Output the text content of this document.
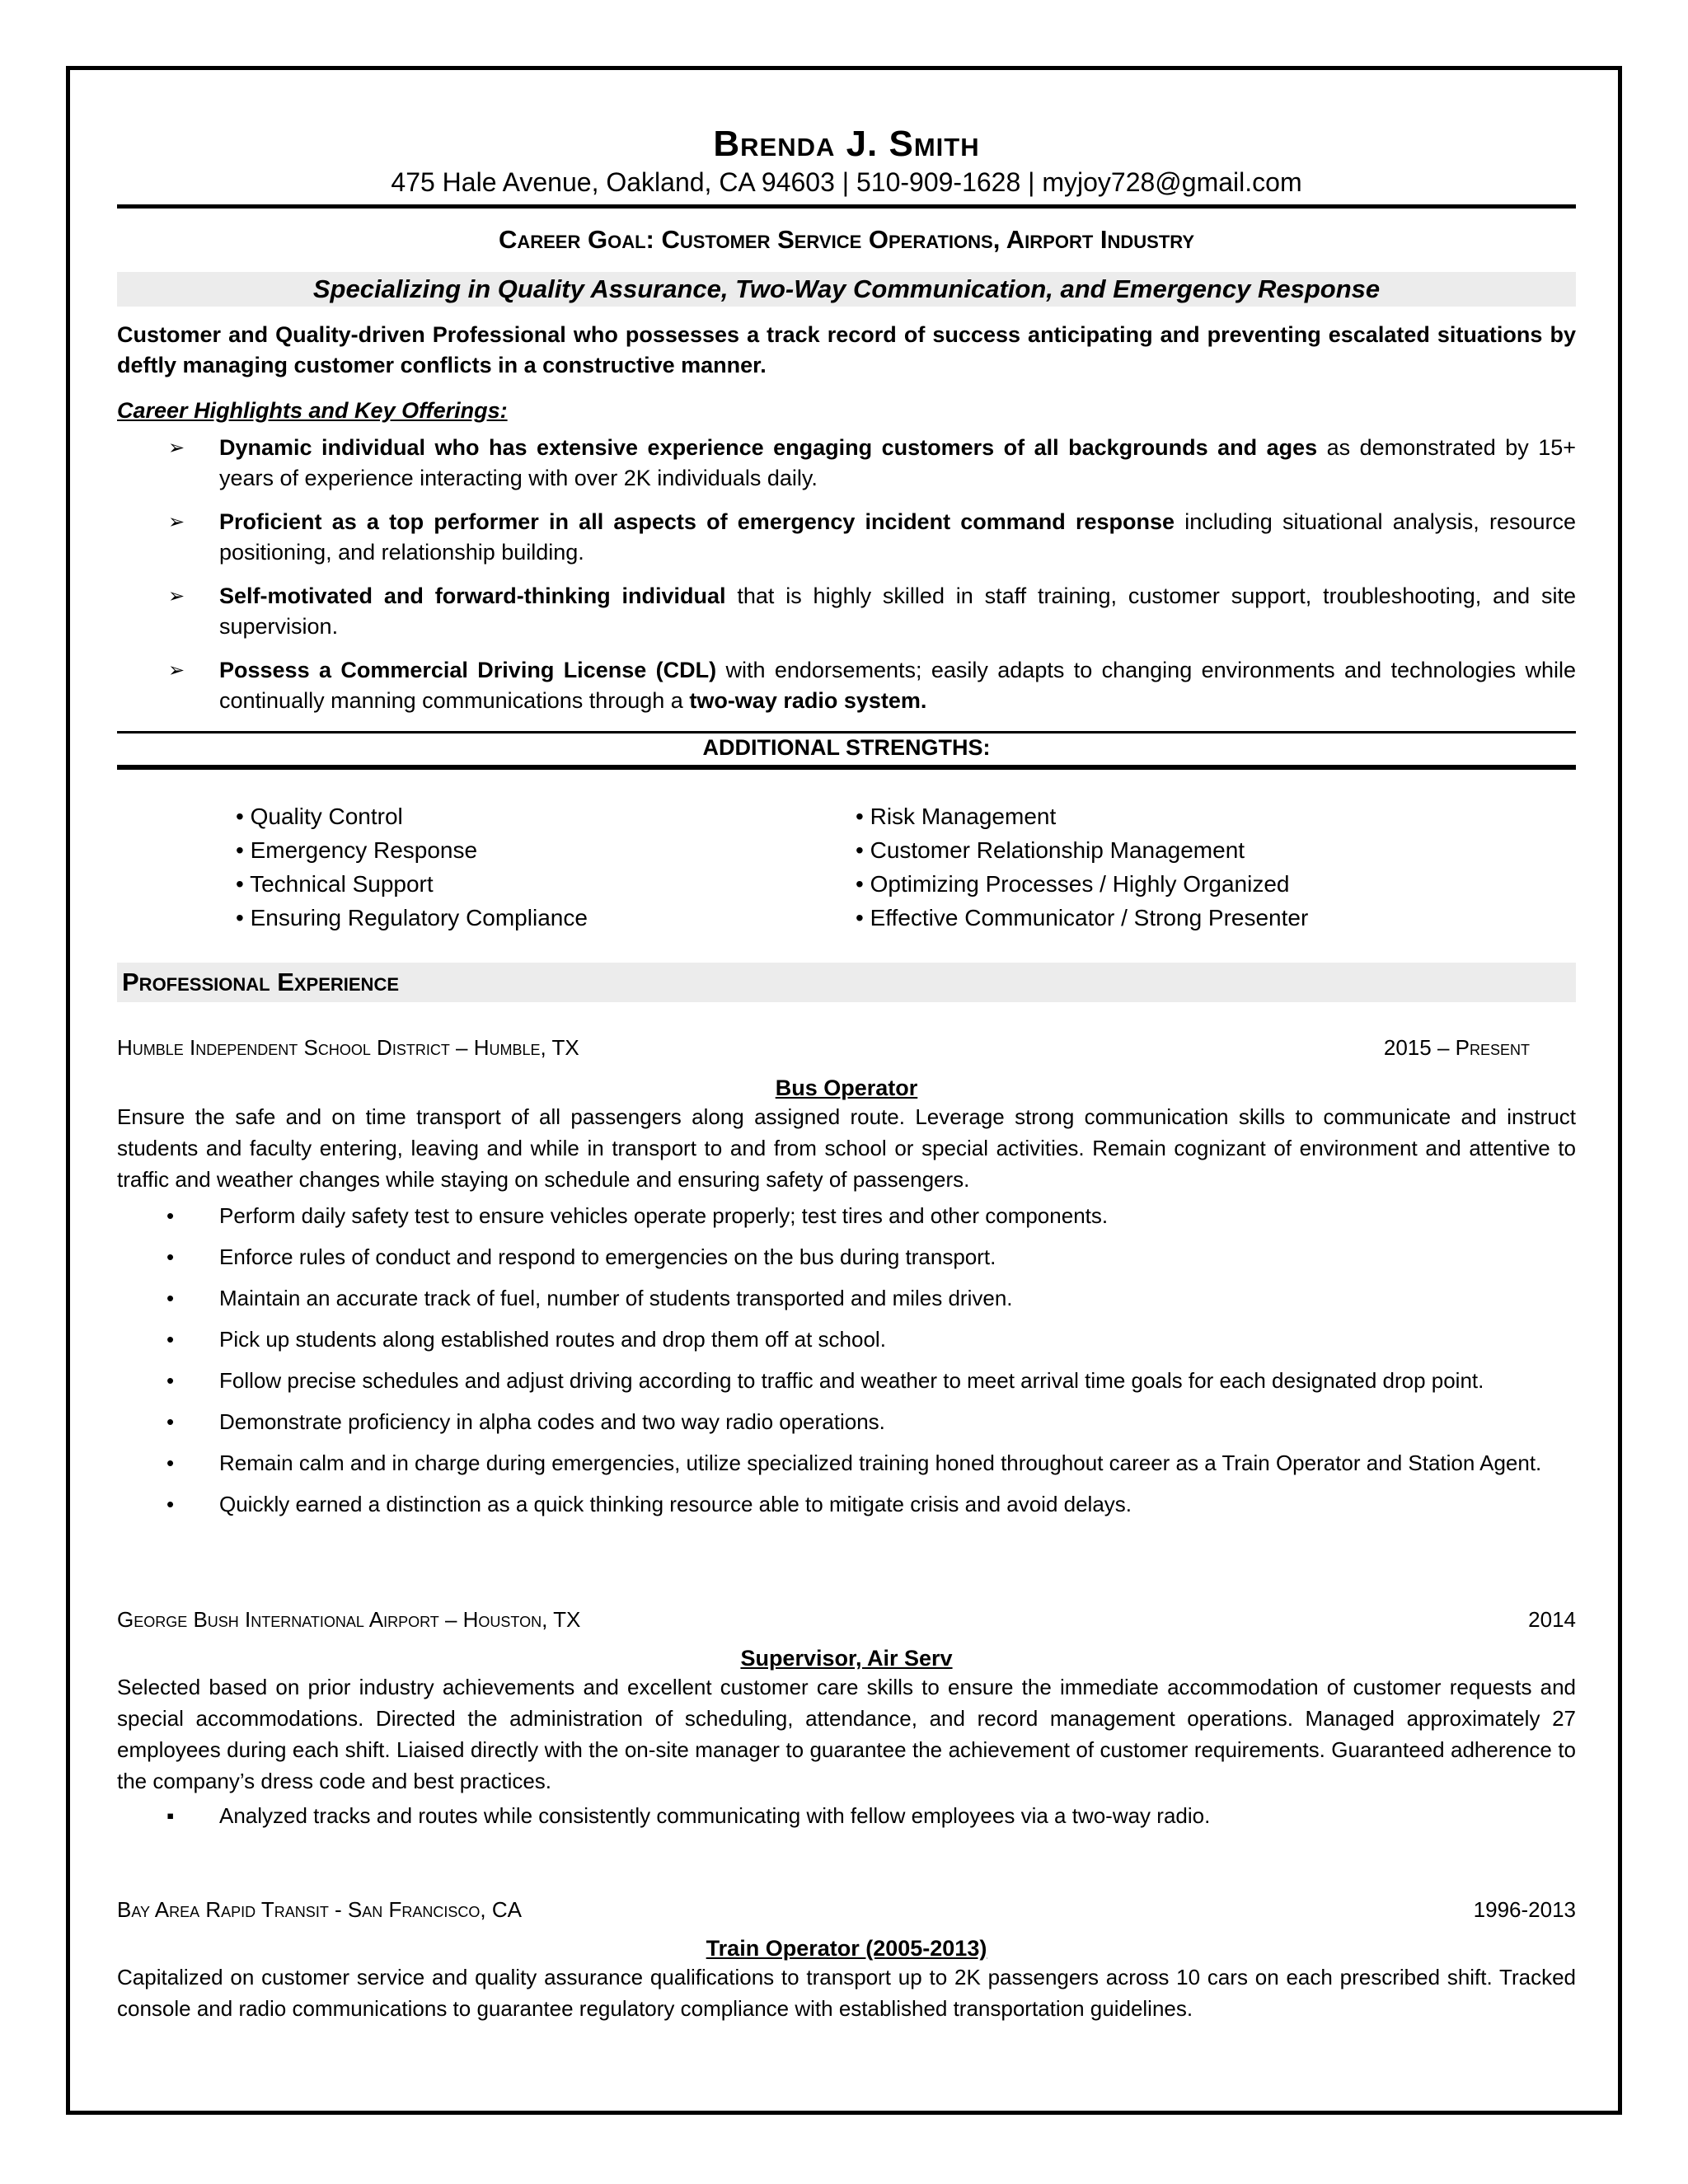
Brenda J. Smith
475 Hale Avenue, Oakland, CA 94603 | 510-909-1628 | myjoy728@gmail.com
Career Goal: Customer Service Operations, Airport Industry
Specializing in Quality Assurance, Two-Way Communication, and Emergency Response
Customer and Quality-driven Professional who possesses a track record of success anticipating and preventing escalated situations by deftly managing customer conflicts in a constructive manner.
Career Highlights and Key Offerings:
➢ Dynamic individual who has extensive experience engaging customers of all backgrounds and ages as demonstrated by 15+ years of experience interacting with over 2K individuals daily.
➢ Proficient as a top performer in all aspects of emergency incident command response including situational analysis, resource positioning, and relationship building.
➢ Self-motivated and forward-thinking individual that is highly skilled in staff training, customer support, troubleshooting, and site supervision.
➢ Possess a Commercial Driving License (CDL) with endorsements; easily adapts to changing environments and technologies while continually manning communications through a two-way radio system.
ADDITIONAL STRENGTHS:
• Quality Control
• Emergency Response
• Technical Support
• Ensuring Regulatory Compliance
• Risk Management
• Customer Relationship Management
• Optimizing Processes / Highly Organized
• Effective Communicator / Strong Presenter
Professional Experience
Humble Independent School District – Humble, TX	2015 – Present
Bus Operator
Ensure the safe and on time transport of all passengers along assigned route. Leverage strong communication skills to communicate and instruct students and faculty entering, leaving and while in transport to and from school or special activities. Remain cognizant of environment and attentive to traffic and weather changes while staying on schedule and ensuring safety of passengers.
• Perform daily safety test to ensure vehicles operate properly; test tires and other components.
• Enforce rules of conduct and respond to emergencies on the bus during transport.
• Maintain an accurate track of fuel, number of students transported and miles driven.
• Pick up students along established routes and drop them off at school.
• Follow precise schedules and adjust driving according to traffic and weather to meet arrival time goals for each designated drop point.
• Demonstrate proficiency in alpha codes and two way radio operations.
• Remain calm and in charge during emergencies, utilize specialized training honed throughout career as a Train Operator and Station Agent.
• Quickly earned a distinction as a quick thinking resource able to mitigate crisis and avoid delays.
George Bush International Airport – Houston, TX	2014
Supervisor, Air Serv
Selected based on prior industry achievements and excellent customer care skills to ensure the immediate accommodation of customer requests and special accommodations. Directed the administration of scheduling, attendance, and record management operations. Managed approximately 27 employees during each shift. Liaised directly with the on-site manager to guarantee the achievement of customer requirements. Guaranteed adherence to the company’s dress code and best practices.
▪ Analyzed tracks and routes while consistently communicating with fellow employees via a two-way radio.
Bay Area Rapid Transit - San Francisco, CA	1996-2013
Train Operator (2005-2013)
Capitalized on customer service and quality assurance qualifications to transport up to 2K passengers across 10 cars on each prescribed shift. Tracked console and radio communications to guarantee regulatory compliance with established transportation guidelines.
